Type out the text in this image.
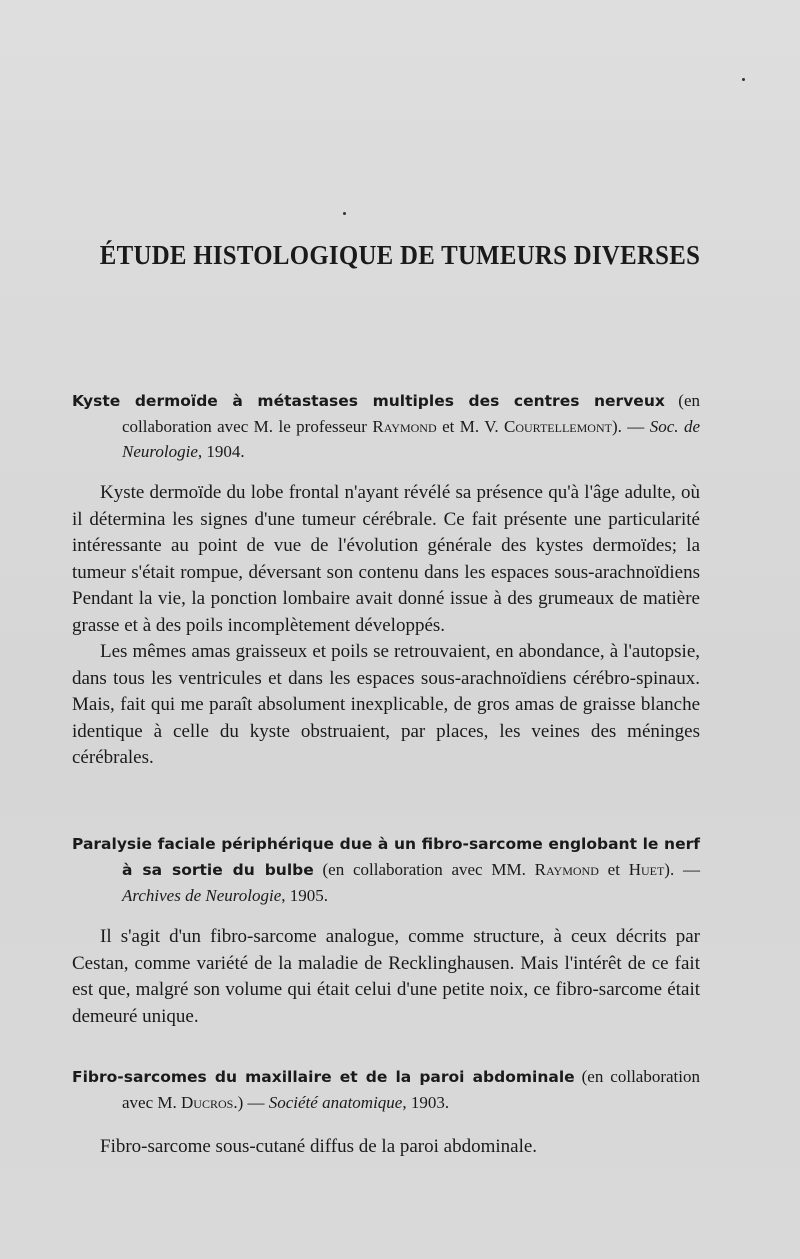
ÉTUDE HISTOLOGIQUE DE TUMEURS DIVERSES
Kyste dermoïde à métastases multiples des centres nerveux (en collaboration avec M. le professeur Raymond et M. V. Courtellemont). — Soc. de Neurologie, 1904.

Kyste dermoïde du lobe frontal n'ayant révélé sa présence qu'à l'âge adulte, où il détermina les signes d'une tumeur cérébrale. Ce fait présente une particularité intéressante au point de vue de l'évolution générale des kystes dermoïdes; la tumeur s'était rompue, déversant son contenu dans les espaces sous-arachnoïdiens Pendant la vie, la ponction lombaire avait donné issue à des grumeaux de matière grasse et à des poils incomplètement développés.

Les mêmes amas graisseux et poils se retrouvaient, en abondance, à l'autopsie, dans tous les ventricules et dans les espaces sous-arachnoïdiens cérébro-spinaux. Mais, fait qui me paraît absolument inexplicable, de gros amas de graisse blanche identique à celle du kyste obstruaient, par places, les veines des méninges cérébrales.

Paralysie faciale périphérique due à un fibro-sarcome englobant le nerf à sa sortie du bulbe (en collaboration avec MM. Raymond et Huet). — Archives de Neurologie, 1905.

Il s'agit d'un fibro-sarcome analogue, comme structure, à ceux décrits par Cestan, comme variété de la maladie de Recklinghausen. Mais l'intérêt de ce fait est que, malgré son volume qui était celui d'une petite noix, ce fibro-sarcome était demeuré unique.

Fibro-sarcomes du maxillaire et de la paroi abdominale (en collaboration avec M. Ducros.) — Société anatomique, 1903.

Fibro-sarcome sous-cutané diffus de la paroi abdominale.
